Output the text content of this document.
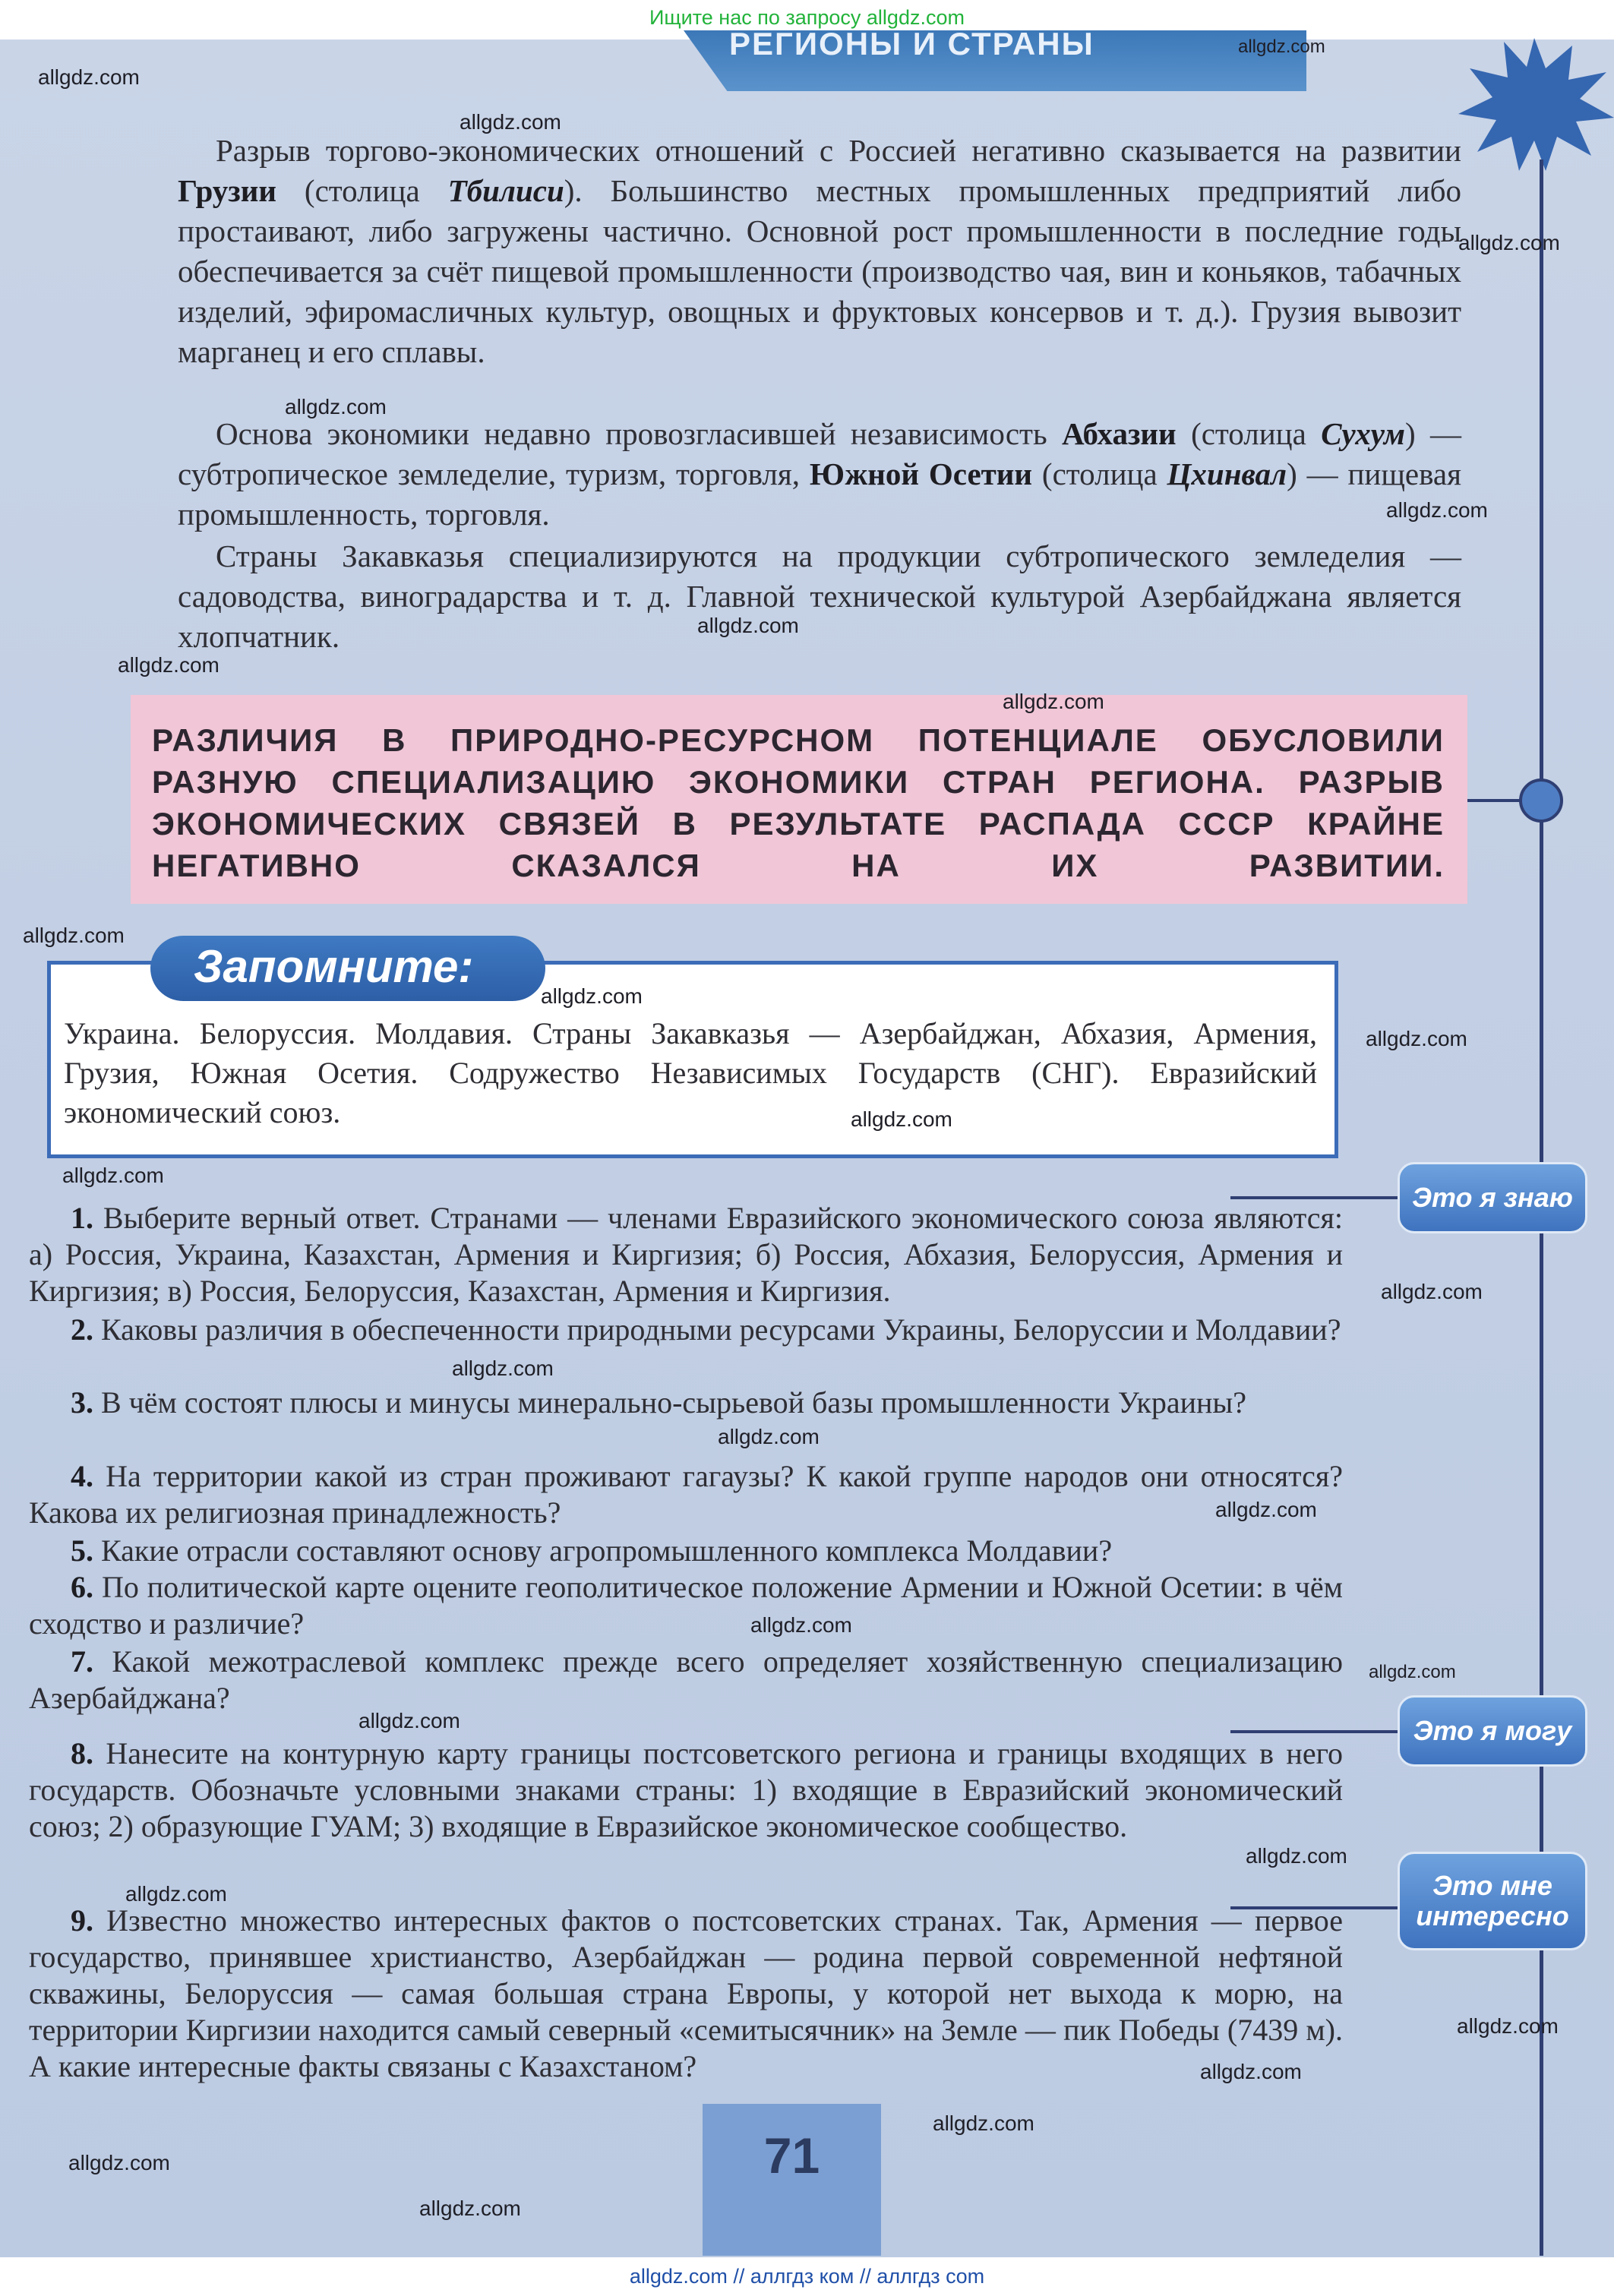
Ищите нас по запросу allgdz.com
РЕГИОНЫ И СТРАНЫ
Разрыв торгово-экономических отношений с Россией негативно сказывается на развитии Грузии (столица Тбилиси). Большинство местных промышленных предприятий либо простаивают, либо загружены частично. Основной рост промышленности в последние годы обеспечивается за счёт пищевой промышленности (производство чая, вин и коньяков, табачных изделий, эфиромасличных культур, овощных и фруктовых консервов и т. д.). Грузия вывозит марганец и его сплавы.
Основа экономики недавно провозгласившей независимость Абхазии (столица Сухум) — субтропическое земледелие, туризм, торговля, Южной Осетии (столица Цхинвал) — пищевая промышленность, торговля.
Страны Закавказья специализируются на продукции субтропического земледелия — садоводства, виноградарства и т. д. Главной технической культурой Азербайджана является хлопчатник.
РАЗЛИЧИЯ В ПРИРОДНО-РЕСУРСНОМ ПОТЕНЦИАЛЕ ОБУСЛОВИЛИ РАЗНУЮ СПЕЦИАЛИЗАЦИЮ ЭКОНОМИКИ СТРАН РЕГИОНА. РАЗРЫВ ЭКОНОМИЧЕСКИХ СВЯЗЕЙ В РЕЗУЛЬТАТЕ РАСПАДА СССР КРАЙНЕ НЕГАТИВНО СКАЗАЛСЯ НА ИХ РАЗВИТИИ.
Запомните:
Украина. Белоруссия. Молдавия. Страны Закавказья — Азербайджан, Абхазия, Армения, Грузия, Южная Осетия. Содружество Независимых Государств (СНГ). Евразийский экономический союз.
Это я знаю
Это я могу
Это мне
интересно
1. Выберите верный ответ. Странами — членами Евразийского экономического союза являются: а) Россия, Украина, Казахстан, Армения и Киргизия; б) Россия, Абхазия, Белоруссия, Армения и Киргизия; в) Россия, Белоруссия, Казахстан, Армения и Киргизия.
2. Каковы различия в обеспеченности природными ресурсами Украины, Белоруссии и Молдавии?
3. В чём состоят плюсы и минусы минерально-сырьевой базы промышленности Украины?
4. На территории какой из стран проживают гагаузы? К какой группе народов они относятся? Какова их религиозная принадлежность?
5. Какие отрасли составляют основу агропромышленного комплекса Молдавии?
6. По политической карте оцените геополитическое положение Армении и Южной Осетии: в чём сходство и различие?
7. Какой межотраслевой комплекс прежде всего определяет хозяйственную специализацию Азербайджана?
8. Нанесите на контурную карту границы постсоветского региона и границы входящих в него государств. Обозначьте условными знаками страны: 1) входящие в Евразийский экономический союз; 2) образующие ГУАМ; 3) входящие в Евразийское экономическое сообщество.
9. Известно множество интересных фактов о постсоветских странах. Так, Армения — первое государство, принявшее христианство, Азербайджан — родина первой современной нефтяной скважины, Белоруссия — самая большая страна Европы, у которой нет выхода к морю, на территории Киргизии находится самый северный «семитысячник» на Земле — пик Победы (7439 м). А какие интересные факты связаны с Казахстаном?
71
allgdz.com
allgdz.com
allgdz.com
allgdz.com
allgdz.com
allgdz.com
allgdz.com
allgdz.com
allgdz.com
allgdz.com
allgdz.com
allgdz.com
allgdz.com
allgdz.com
allgdz.com
allgdz.com
allgdz.com
allgdz.com
allgdz.com
allgdz.com
allgdz.com
allgdz.com
allgdz.com
allgdz.com
allgdz.com
allgdz.com
allgdz.com
allgdz.com
allgdz.com // аллгдз ком // аллгдз com
